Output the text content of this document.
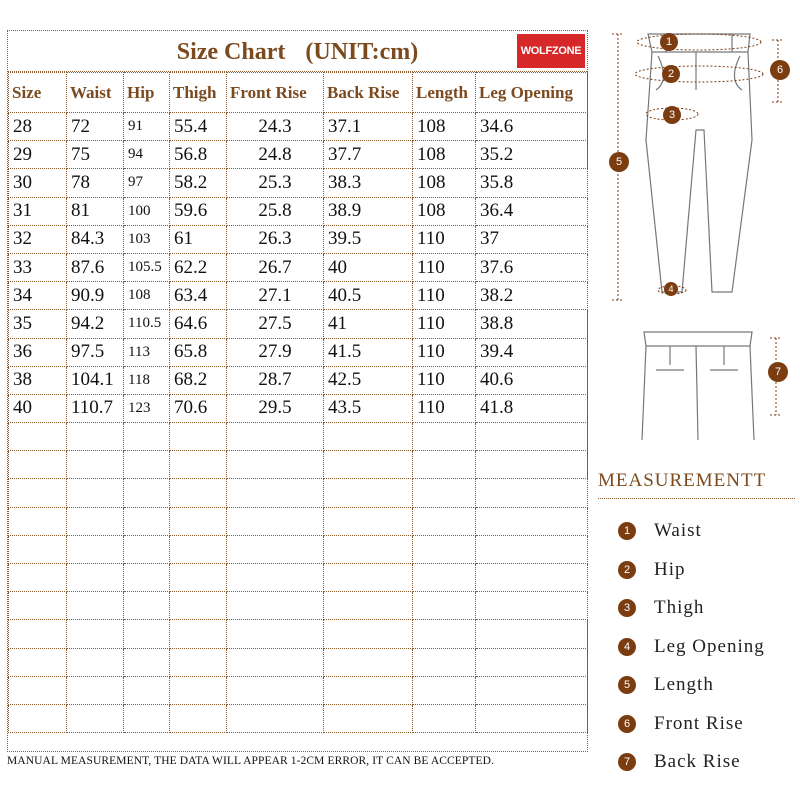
Size Chart (UNIT:cm)	WOLFZONE
Size	Waist	Hip	Thigh	Front Rise	Back Rise	Length	Leg Opening
28	72	91	55.4	24.3	37.1	108	34.6
29	75	94	56.8	24.8	37.7	108	35.2
30	78	97	58.2	25.3	38.3	108	35.8
31	81	100	59.6	25.8	38.9	108	36.4
32	84.3	103	61	26.3	39.5	110	37
33	87.6	105.5	62.2	26.7	40	110	37.6
34	90.9	108	63.4	27.1	40.5	110	38.2
35	94.2	110.5	64.6	27.5	41	110	38.8
36	97.5	113	65.8	27.9	41.5	110	39.4
38	104.1	118	68.2	28.7	42.5	110	40.6
40	110.7	123	70.6	29.5	43.5	110	41.8

MANUAL MEASUREMENT, THE DATA WILL APPEAR 1-2CM ERROR, IT CAN BE ACCEPTED.
1
2
3
4
5
6
7
MEASUREMENTT
1	Waist
2	Hip
3	Thigh
4	Leg Opening
5	Length
6	Front Rise
7	Back Rise
